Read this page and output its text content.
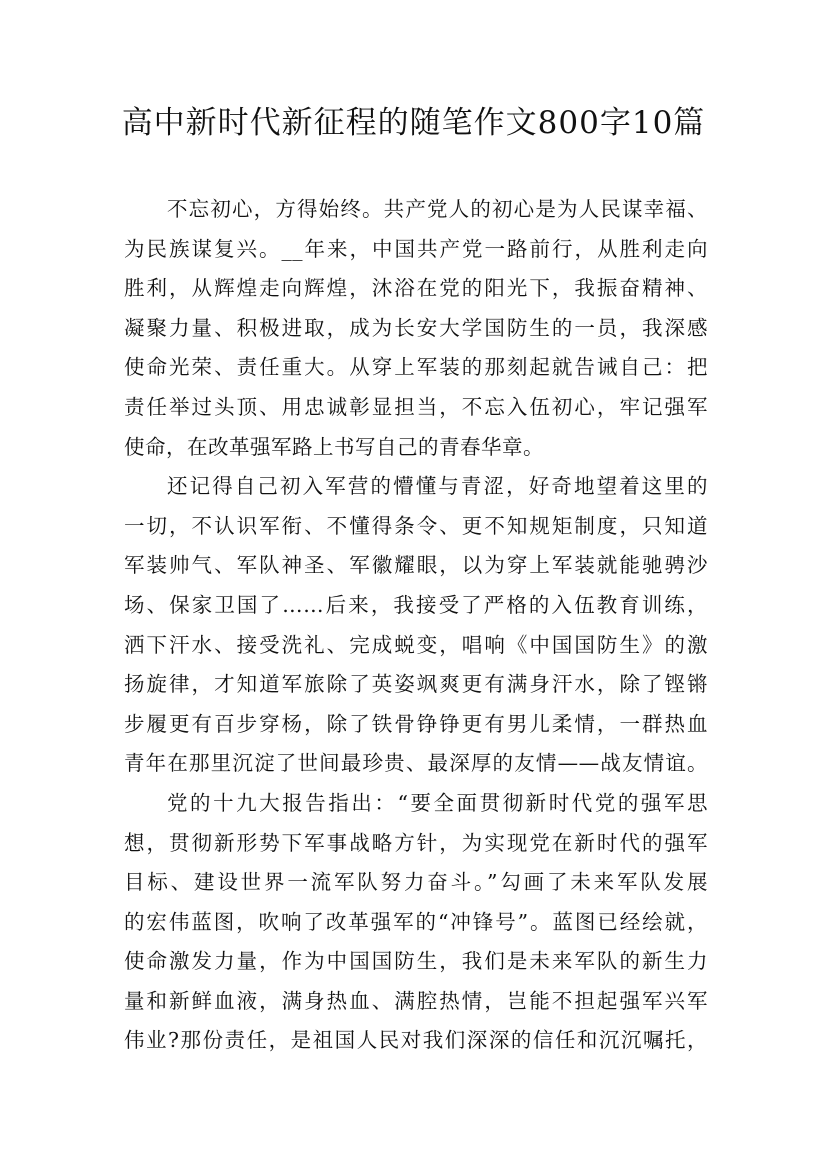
高中新时代新征程的随笔作文800字10篇
不忘初心，方得始终。共产党人的初心是为人民谋幸福、
为民族谋复兴。__年来，中国共产党一路前行，从胜利走向
胜利，从辉煌走向辉煌，沐浴在党的阳光下，我振奋精神、
凝聚力量、积极进取，成为长安大学国防生的一员，我深感
使命光荣、责任重大。从穿上军装的那刻起就告诫自己：把
责任举过头顶、用忠诚彰显担当，不忘入伍初心，牢记强军
使命，在改革强军路上书写自己的青春华章。
还记得自己初入军营的懵懂与青涩，好奇地望着这里的
一切，不认识军衔、不懂得条令、更不知规矩制度，只知道
军装帅气、军队神圣、军徽耀眼，以为穿上军装就能驰骋沙
场、保家卫国了……后来，我接受了严格的入伍教育训练，
洒下汗水、接受洗礼、完成蜕变，唱响《中国国防生》的激
扬旋律，才知道军旅除了英姿飒爽更有满身汗水，除了铿锵
步履更有百步穿杨，除了铁骨铮铮更有男儿柔情，一群热血
青年在那里沉淀了世间最珍贵、最深厚的友情——战友情谊。
党的十九大报告指出：“要全面贯彻新时代党的强军思
想，贯彻新形势下军事战略方针，为实现党在新时代的强军
目标、建设世界一流军队努力奋斗。”勾画了未来军队发展
的宏伟蓝图，吹响了改革强军的“冲锋号”。蓝图已经绘就，
使命激发力量，作为中国国防生，我们是未来军队的新生力
量和新鲜血液，满身热血、满腔热情，岂能不担起强军兴军
伟业?那份责任，是祖国人民对我们深深的信任和沉沉嘱托，
